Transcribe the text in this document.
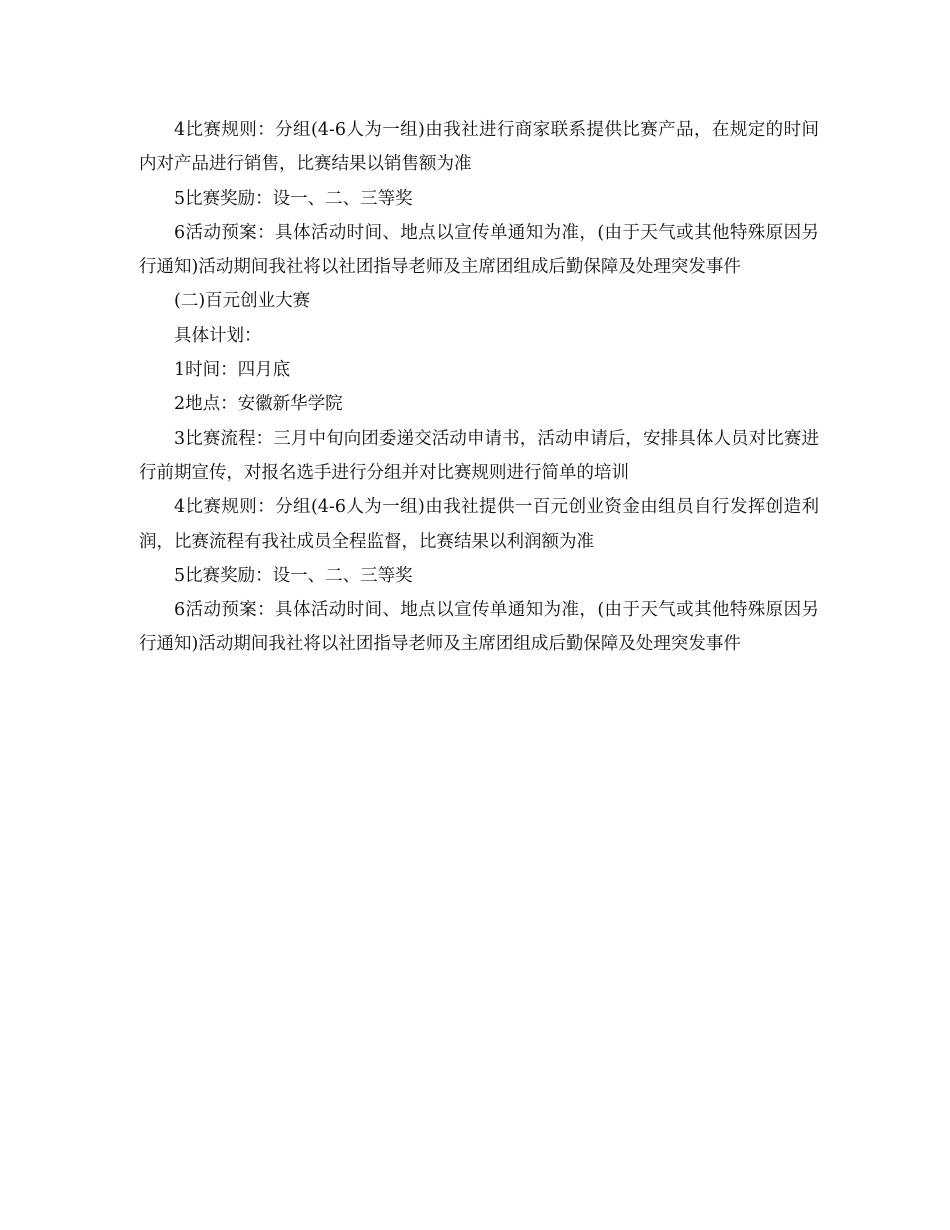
4比赛规则：分组(4-6人为一组)由我社进行商家联系提供比赛产品，在规定的时间内对产品进行销售，比赛结果以销售额为准

5比赛奖励：设一、二、三等奖

6活动预案：具体活动时间、地点以宣传单通知为准，(由于天气或其他特殊原因另行通知)活动期间我社将以社团指导老师及主席团组成后勤保障及处理突发事件

(二)百元创业大赛

具体计划：

1时间：四月底

2地点：安徽新华学院

3比赛流程：三月中旬向团委递交活动申请书，活动申请后，安排具体人员对比赛进行前期宣传，对报名选手进行分组并对比赛规则进行简单的培训

4比赛规则：分组(4-6人为一组)由我社提供一百元创业资金由组员自行发挥创造利润，比赛流程有我社成员全程监督，比赛结果以利润额为准

5比赛奖励：设一、二、三等奖

6活动预案：具体活动时间、地点以宣传单通知为准，(由于天气或其他特殊原因另行通知)活动期间我社将以社团指导老师及主席团组成后勤保障及处理突发事件
